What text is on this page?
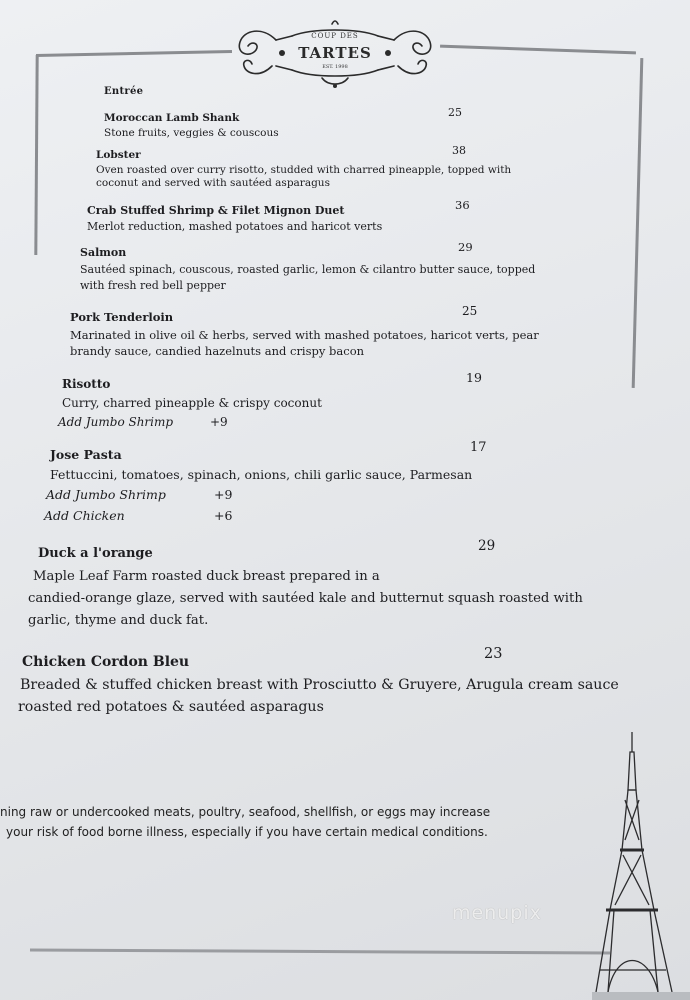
COUP DES
TARTES
EST. 1998
Entrée
Moroccan Lamb Shank	25
Stone fruits, veggies & couscous
Lobster	38
Oven roasted over curry risotto, studded with charred pineapple, topped with
coconut and served with sautéed asparagus
Crab Stuffed Shrimp & Filet Mignon Duet	36
Merlot reduction, mashed potatoes and haricot verts
Salmon	29
Sautéed spinach, couscous, roasted garlic, lemon & cilantro butter sauce, topped
with fresh red bell pepper
Pork Tenderloin	25
Marinated in olive oil & herbs, served with mashed potatoes, haricot verts, pear
brandy sauce, candied hazelnuts and crispy bacon
Risotto	19
Curry, charred pineapple & crispy coconut
Add Jumbo Shrimp	+9
Jose Pasta	17
Fettuccini, tomatoes, spinach, onions, chili garlic sauce, Parmesan
Add Jumbo Shrimp	+9
Add Chicken	+6
Duck a l'orange	29
Maple Leaf Farm roasted duck breast prepared in a
candied-orange glaze, served with sautéed kale and butternut squash roasted with
garlic, thyme and duck fat.
Chicken Cordon Bleu	23
Breaded & stuffed chicken breast with Prosciutto & Gruyere, Arugula cream sauce
roasted red potatoes & sautéed asparagus
ning raw or undercooked meats, poultry, seafood, shellfish, or eggs may increase
your risk of food borne illness, especially if you have certain medical conditions.
menupix
